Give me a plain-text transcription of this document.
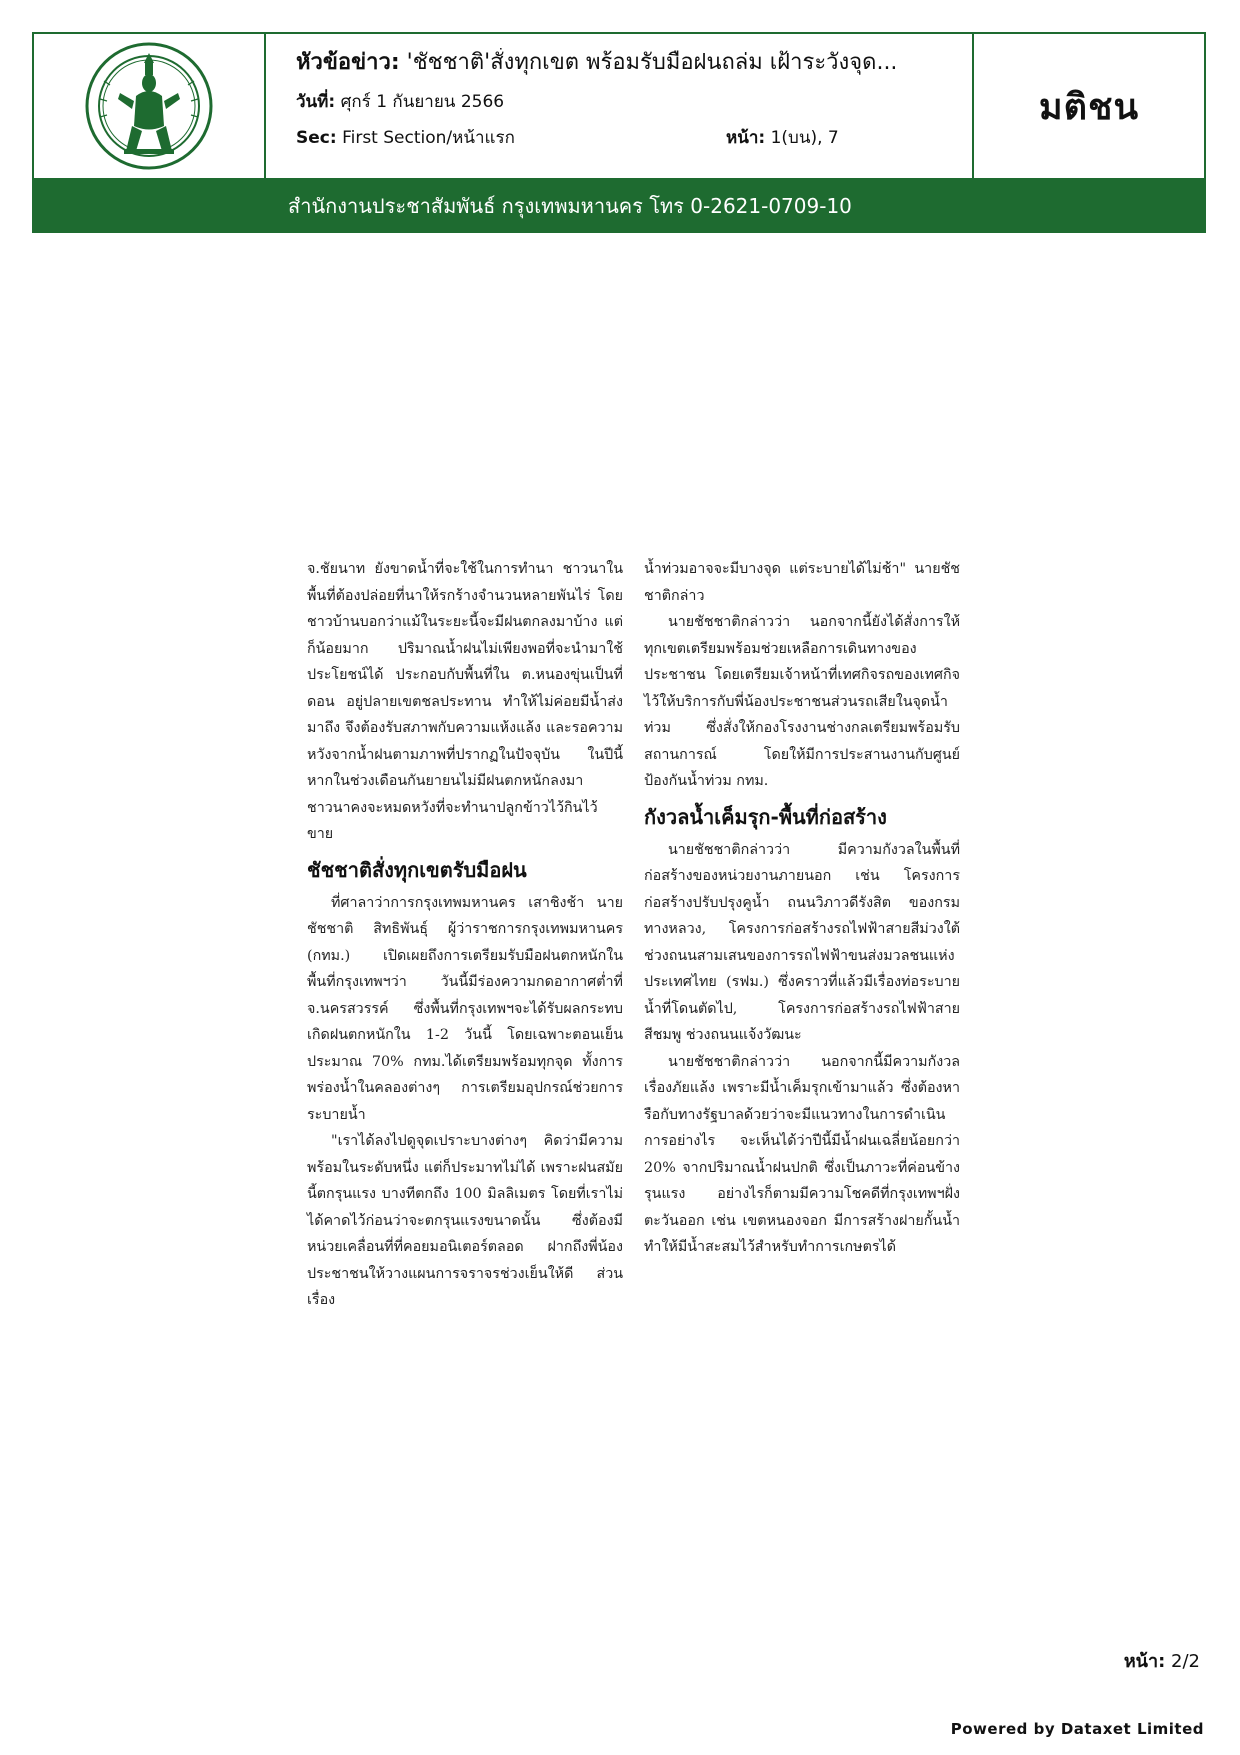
หัวข้อข่าว: 'ชัชชาติ'สั่งทุกเขต พร้อมรับมือฝนถล่ม เฝ้าระวังจุด...
วันที่: ศุกร์ 1 กันยายน 2566
Sec: First Section/หน้าแรก	หน้า: 1(บน), 7
มติชน
สำนักงานประชาสัมพันธ์ กรุงเทพมหานคร โทร 0-2621-0709-10

จ.ชัยนาท ยังขาดน้ำที่จะใช้ในการทำนา ชาวนาในพื้นที่ต้องปล่อยที่นาให้รกร้างจำนวนหลายพันไร่ โดยชาวบ้านบอกว่าแม้ในระยะนี้จะมีฝนตกลงมาบ้าง แต่ก็น้อยมาก ปริมาณน้ำฝนไม่เพียงพอที่จะนำมาใช้ประโยชน์ได้ ประกอบกับพื้นที่ใน ต.หนองขุ่นเป็นที่ดอน อยู่ปลายเขตชลประทาน ทำให้ไม่ค่อยมีน้ำส่งมาถึง จึงต้องรับสภาพกับความแห้งแล้ง และรอความหวังจากน้ำฝนตามภาพที่ปรากฏในปัจจุบัน ในปีนี้หากในช่วงเดือนกันยายนไม่มีฝนตกหนักลงมาชาวนาคงจะหมดหวังที่จะทำนาปลูกข้าวไว้กินไว้ขาย

ชัชชาติสั่งทุกเขตรับมือฝน

ที่ศาลาว่าการกรุงเทพมหานคร เสาชิงช้า นายชัชชาติ สิทธิพันธุ์ ผู้ว่าราชการกรุงเทพมหานคร (กทม.) เปิดเผยถึงการเตรียมรับมือฝนตกหนักในพื้นที่กรุงเทพฯว่า วันนี้มีร่องความกดอากาศต่ำที่ จ.นครสวรรค์ ซึ่งพื้นที่กรุงเทพฯจะได้รับผลกระทบเกิดฝนตกหนักใน 1-2 วันนี้ โดยเฉพาะตอนเย็นประมาณ 70% กทม.ได้เตรียมพร้อมทุกจุด ทั้งการพร่องน้ำในคลองต่างๆ การเตรียมอุปกรณ์ช่วยการระบายน้ำ

"เราได้ลงไปดูจุดเปราะบางต่างๆ คิดว่ามีความพร้อมในระดับหนึ่ง แต่ก็ประมาทไม่ได้ เพราะฝนสมัยนี้ตกรุนแรง บางทีตกถึง 100 มิลลิเมตร โดยที่เราไม่ได้คาดไว้ก่อนว่าจะตกรุนแรงขนาดนั้น ซึ่งต้องมีหน่วยเคลื่อนที่ที่คอยมอนิเตอร์ตลอด ฝากถึงพี่น้องประชาชนให้วางแผนการจราจรช่วงเย็นให้ดี ส่วนเรื่อง

น้ำท่วมอาจจะมีบางจุด แต่ระบายได้ไม่ช้า" นายชัชชาติกล่าว

นายชัชชาติกล่าวว่า นอกจากนี้ยังได้สั่งการให้ทุกเขตเตรียมพร้อมช่วยเหลือการเดินทางของประชาชน โดยเตรียมเจ้าหน้าที่เทศกิจรถของเทศกิจไว้ให้บริการกับพี่น้องประชาชนส่วนรถเสียในจุดน้ำท่วม ซึ่งสั่งให้กองโรงงานช่างกลเตรียมพร้อมรับสถานการณ์ โดยให้มีการประสานงานกับศูนย์ป้องกันน้ำท่วม กทม.

กังวลน้ำเค็มรุก-พื้นที่ก่อสร้าง

นายชัชชาติกล่าวว่า มีความกังวลในพื้นที่ก่อสร้างของหน่วยงานภายนอก เช่น โครงการก่อสร้างปรับปรุงคูน้ำ ถนนวิภาวดีรังสิต ของกรมทางหลวง, โครงการก่อสร้างรถไฟฟ้าสายสีม่วงใต้ ช่วงถนนสามเสนของการรถไฟฟ้าขนส่งมวลชนแห่งประเทศไทย (รฟม.) ซึ่งคราวที่แล้วมีเรื่องท่อระบายน้ำที่โดนตัดไป, โครงการก่อสร้างรถไฟฟ้าสายสีชมพู ช่วงถนนแจ้งวัฒนะ

นายชัชชาติกล่าวว่า นอกจากนี้มีความกังวลเรื่องภัยแล้ง เพราะมีน้ำเค็มรุกเข้ามาแล้ว ซึ่งต้องหารือกับทางรัฐบาลด้วยว่าจะมีแนวทางในการดำเนินการอย่างไร จะเห็นได้ว่าปีนี้มีน้ำฝนเฉลี่ยน้อยกว่า 20% จากปริมาณน้ำฝนปกติ ซึ่งเป็นภาวะที่ค่อนข้างรุนแรง อย่างไรก็ตามมีความโชคดีที่กรุงเทพฯฝั่งตะวันออก เช่น เขตหนองจอก มีการสร้างฝายกั้นน้ำ ทำให้มีน้ำสะสมไว้สำหรับทำการเกษตรได้

หน้า: 2/2
Powered by Dataxet Limited
